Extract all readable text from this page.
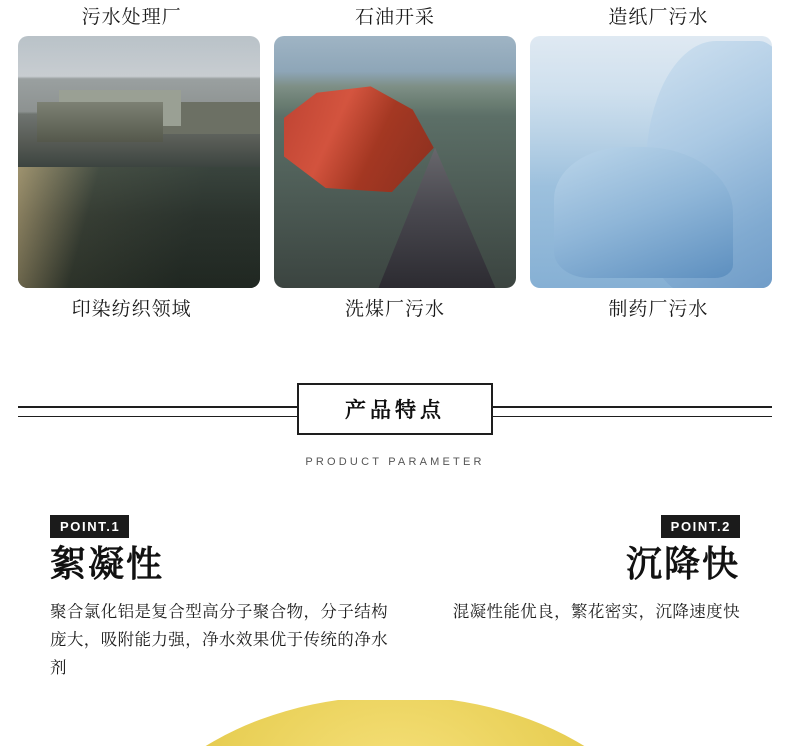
污水处理厂	石油开采	造纸厂污水
印染纺织领域	洗煤厂污水	制药厂污水
产品特点
PRODUCT PARAMETER
POINT.1
絮凝性
聚合氯化铝是复合型高分子聚合物，分子结构庞大，吸附能力强，净水效果优于传统的净水剂
POINT.2
沉降快
混凝性能优良，繁花密实，沉降速度快
